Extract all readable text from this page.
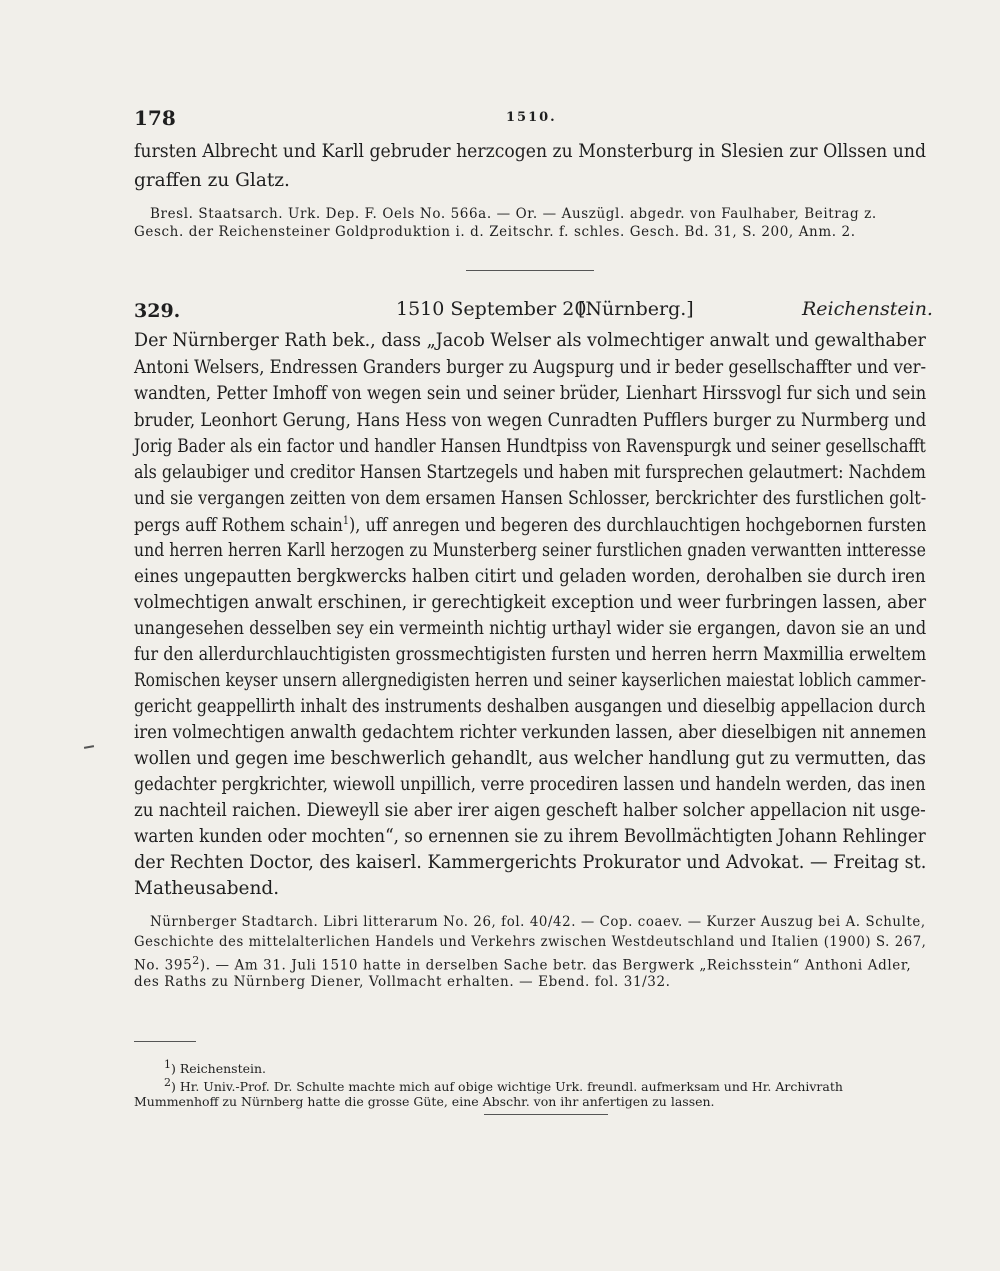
178	1510.
fursten Albrecht und Karll gebruder herzcogen zu Monsterburg in Slesien zur Ollssen und
graffen zu Glatz.
Bresl. Staatsarch. Urk. Dep. F. Oels No. 566a. — Or. — Auszügl. abgedr. von Faulhaber, Beitrag z.
Gesch. der Reichensteiner Goldproduktion i. d. Zeitschr. f. schles. Gesch. Bd. 31, S. 200, Anm. 2.
329.	1510 September 20.
[Nürnberg.]	Reichenstein.
Der Nürnberger Rath bek., dass „Jacob Welser als volmechtiger anwalt und gewalthaber
Antoni Welsers, Endressen Granders burger zu Augspurg und ir beder gesellschaffter und ver-
wandten, Petter Imhoff von wegen sein und seiner brüder, Lienhart Hirssvogl fur sich und sein
bruder, Leonhort Gerung, Hans Hess von wegen Cunradten Pufflers burger zu Nurmberg und
Jorig Bader als ein factor und handler Hansen Hundtpiss von Ravenspurgk und seiner gesellschafft
als gelaubiger und creditor Hansen Startzegels und haben mit fursprechen gelautmert: Nachdem
und sie vergangen zeitten von dem ersamen Hansen Schlosser, berckrichter des furstlichen golt-
pergs auff Rothem schain$^1$), uff anregen und begeren des durchlauchtigen hochgebornen fursten
und herren herren Karll herzogen zu Munsterberg seiner furstlichen gnaden verwantten intteresse
eines ungepautten bergkwercks halben citirt und geladen worden, derohalben sie durch iren
volmechtigen anwalt erschinen, ir gerechtigkeit exception und weer furbringen lassen, aber
unangesehen desselben sey ein vermeinth nichtig urthayl wider sie ergangen, davon sie an und
fur den allerdurchlauchtigisten grossmechtigisten fursten und herren herrn Maxmillia erweltem
Romischen keyser unsern allergnedigisten herren und seiner kayserlichen maiestat loblich cammer-
gericht geappellirth inhalt des instruments deshalben ausgangen und dieselbig appellacion durch
iren volmechtigen anwalth gedachtem richter verkunden lassen, aber dieselbigen nit annemen
wollen und gegen ime beschwerlich gehandlt, aus welcher handlung gut zu vermutten, das
gedachter pergkrichter, wiewoll unpillich, verre procediren lassen und handeln werden, das inen
zu nachteil raichen. Dieweyll sie aber irer aigen gescheft halber solcher appellacion nit usge-
warten kunden oder mochten“, so ernennen sie zu ihrem Bevollmächtigten Johann Rehlinger
der Rechten Doctor, des kaiserl. Kammergerichts Prokurator und Advokat. — Freitag st.
Matheusabend.
Nürnberger Stadtarch. Libri litterarum No. 26, fol. 40/42. — Cop. coaev. — Kurzer Auszug bei A. Schulte,
Geschichte des mittelalterlichen Handels und Verkehrs zwischen Westdeutschland und Italien (1900) S. 267,
No. $395^2$). — Am 31. Juli 1510 hatte in derselben Sache betr. das Bergwerk „Reichsstein“ Anthoni Adler,
des Raths zu Nürnberg Diener, Vollmacht erhalten. — Ebend. fol. 31/32.
1) Reichenstein.
2) Hr. Univ.-Prof. Dr. Schulte machte mich auf obige wichtige Urk. freundl. aufmerksam und Hr. Archivrath
Mummenhoff zu Nürnberg hatte die grosse Güte, eine Abschr. von ihr anfertigen zu lassen.
